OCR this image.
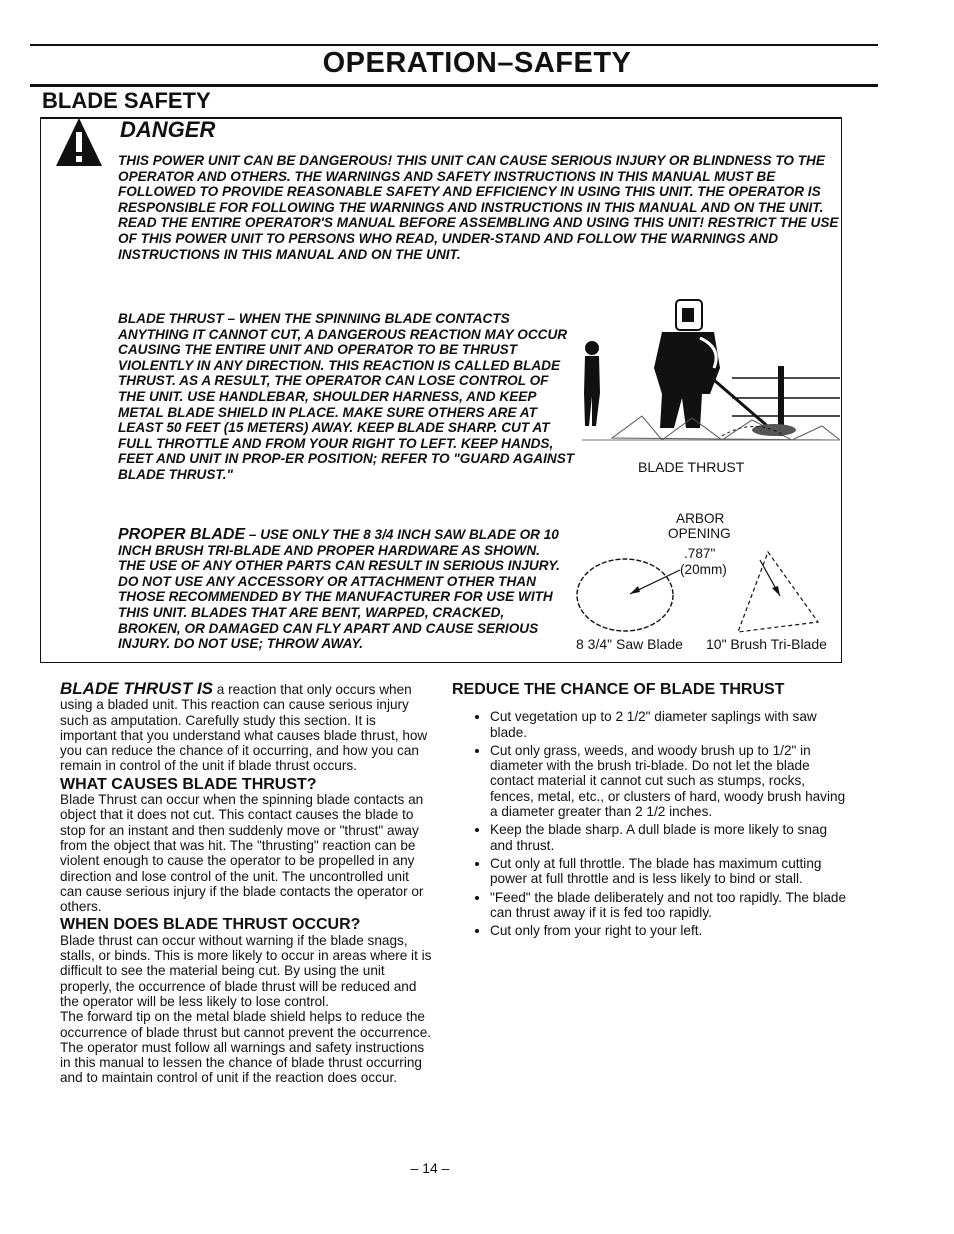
OPERATION–SAFETY
BLADE SAFETY
DANGER
THIS POWER UNIT CAN BE DANGEROUS! THIS UNIT CAN CAUSE SERIOUS INJURY OR BLINDNESS TO THE OPERATOR AND OTHERS. THE WARNINGS AND SAFETY INSTRUCTIONS IN THIS MANUAL MUST BE FOLLOWED TO PROVIDE REASONABLE SAFETY AND EFFICIENCY IN USING THIS UNIT. THE OPERATOR IS RESPONSIBLE FOR FOLLOWING THE WARNINGS AND INSTRUCTIONS IN THIS MANUAL AND ON THE UNIT. READ THE ENTIRE OPERATOR'S MANUAL BEFORE ASSEMBLING AND USING THIS UNIT! RESTRICT THE USE OF THIS POWER UNIT TO PERSONS WHO READ, UNDER-STAND AND FOLLOW THE WARNINGS AND INSTRUCTIONS IN THIS MANUAL AND ON THE UNIT.
BLADE THRUST – WHEN THE SPINNING BLADE CONTACTS ANYTHING IT CANNOT CUT, A DANGEROUS REACTION MAY OCCUR CAUSING THE ENTIRE UNIT AND OPERATOR TO BE THRUST VIOLENTLY IN ANY DIRECTION. THIS REACTION IS CALLED BLADE THRUST. AS A RESULT, THE OPERATOR CAN LOSE CONTROL OF THE UNIT. USE HANDLEBAR, SHOULDER HARNESS, AND KEEP METAL BLADE SHIELD IN PLACE. MAKE SURE OTHERS ARE AT LEAST 50 FEET (15 METERS) AWAY. KEEP BLADE SHARP. CUT AT FULL THROTTLE AND FROM YOUR RIGHT TO LEFT. KEEP HANDS, FEET AND UNIT IN PROP-ER POSITION; REFER TO "GUARD AGAINST BLADE THRUST."	BLADE THRUST
PROPER BLADE – USE ONLY THE 8 3/4 INCH SAW BLADE OR 10 INCH BRUSH TRI-BLADE AND PROPER HARDWARE AS SHOWN. THE USE OF ANY OTHER PARTS CAN RESULT IN SERIOUS INJURY. DO NOT USE ANY ACCESSORY OR ATTACHMENT OTHER THAN THOSE RECOMMENDED BY THE MANUFACTURER FOR USE WITH THIS UNIT. BLADES THAT ARE BENT, WARPED, CRACKED, BROKEN, OR DAMAGED CAN FLY APART AND CAUSE SERIOUS INJURY. DO NOT USE; THROW AWAY.
ARBOR
OPENING
.787"
(20mm)
8 3/4" Saw Blade 10" Brush Tri-Blade

BLADE THRUST IS a reaction that only occurs when using a bladed unit. This reaction can cause serious injury such as amputation. Carefully study this section. It is important that you understand what causes blade thrust, how you can reduce the chance of it occurring, and how you can remain in control of the unit if blade thrust occurs.

WHAT CAUSES BLADE THRUST?

Blade Thrust can occur when the spinning blade contacts an object that it does not cut. This contact causes the blade to stop for an instant and then suddenly move or "thrust" away from the object that was hit. The "thrusting" reaction can be violent enough to cause the operator to be propelled in any direction and lose control of the unit. The uncontrolled unit can cause serious injury if the blade contacts the operator or others.

WHEN DOES BLADE THRUST OCCUR?

Blade thrust can occur without warning if the blade snags, stalls, or binds. This is more likely to occur in areas where it is difficult to see the material being cut. By using the unit properly, the occurrence of blade thrust will be reduced and the operator will be less likely to lose control.

The forward tip on the metal blade shield helps to reduce the occurrence of blade thrust but cannot prevent the occurrence. The operator must follow all warnings and safety instructions in this manual to lessen the chance of blade thrust occurring and to maintain control of unit if the reaction does occur.

REDUCE THE CHANCE OF BLADE THRUST
• Cut vegetation up to 2 1/2" diameter saplings with saw blade.
• Cut only grass, weeds, and woody brush up to 1/2" in diameter with the brush tri-blade. Do not let the blade contact material it cannot cut such as stumps, rocks, fences, metal, etc., or clusters of hard, woody brush having a diameter greater than 2 1/2 inches.
• Keep the blade sharp. A dull blade is more likely to snag and thrust.
• Cut only at full throttle. The blade has maximum cutting power at full throttle and is less likely to bind or stall.
• "Feed" the blade deliberately and not too rapidly. The blade can thrust away if it is fed too rapidly.
• Cut only from your right to your left.
– 14 –
